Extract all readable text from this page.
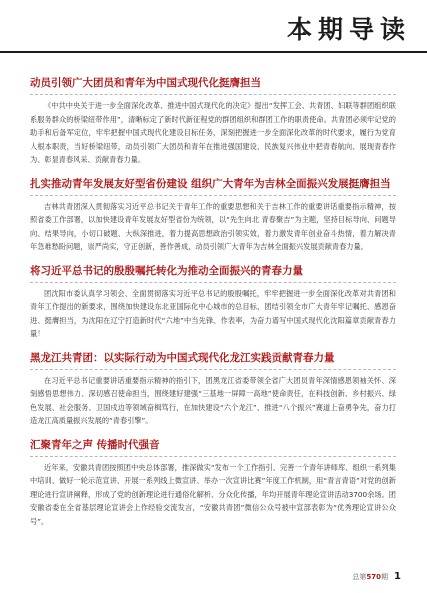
本期导读
动员引领广大团员和青年为中国式现代化挺膺担当
《中共中央关于进一步全面深化改革、推进中国式现代化的决定》提出“发挥工会、共青团、妇联等群团组织联系服务群众的桥梁纽带作用”，清晰标定了新时代新征程党的群团组织和群团工作的职责使命。共青团必须牢记党的助手和后备军定位，牢牢把握中国式现代化建设目标任务，深刻把握进一步全面深化改革的时代要求，履行为党育人根本职责，当好桥梁纽带，动员引领广大团员和青年在推进强国建设、民族复兴伟业中把青春航向、展现青春作为、彰显青春风采、贡献青春力量。
扎实推动青年发展友好型省份建设 组织广大青年为吉林全面振兴发展挺膺担当
吉林共青团深入贯彻落实习近平总书记关于青年工作的重要思想和关于吉林工作的重要讲话重要指示精神，按照省委工作部署，以加快建设青年发展友好型省份为统领，以“先生向北 青春聚吉”为主题，坚持目标导向、问题导向、结果导向，小切口破题、大纵深推进，着力提高思想政治引领实效，着力激发青年创业奋斗热情，着力解决青年急难愁盼问题，崇严尚实，守正创新，善作善成，动员引领广大青年为吉林全面振兴发展贡献青春力量。
将习近平总书记的殷殷嘱托转化为推动全面振兴的青春力量
团沈阳市委认真学习领会、全面贯彻落实习近平总书记的殷殷嘱托，牢牢把握进一步全面深化改革对共青团和青年工作提出的新要求，围绕加快建设东北亚国际化中心城市的总目标，团结引领全市广大青年牢记嘱托、感恩奋进、挺膺担当，为沈阳在辽宁打造新时代“六地”中当先锋、作表率，为奋力谱写中国式现代化沈阳篇章贡献青春力量！
黑龙江共青团：以实际行动为中国式现代化龙江实践贡献青春力量
在习近平总书记重要讲话重要指示精神的指引下，团黑龙江省委带领全省广大团员青年深情感恩领袖关怀、深刻感悟思想伟力、深切感召使命担当，围绕建好建强“三基地一屏障一高地”使命责任，在科技创新、乡村振兴、绿色发展、社会服务、卫国戍边等领域奋楫笃行，在加快建设“六个龙江”、推进“八个振兴”赛道上奋勇争先，奋力打造龙江高质量振兴发展的“青春引擎”。
汇聚青年之声 传播时代强音
近年来，安徽共青团按照团中央总体部署，推深做实“发布一个工作指引、完善一个青年讲师库、组织一系列集中培训、做好一轮示范宣讲、开展一系列线上微宣讲、举办一次宣讲比赛”年度工作机制，用“青言青语”对党的创新理论进行宣讲阐释，形成了党的创新理论进行通俗化解析、分众化传播，年均开展青年理论宣讲活动3700余场。团安徽省委在全省基层理论宣讲会上作经验交流发言，“安徽共青团”微信公众号被中宣部表彰为“优秀理论宣讲公众号”。
总第570期 1
